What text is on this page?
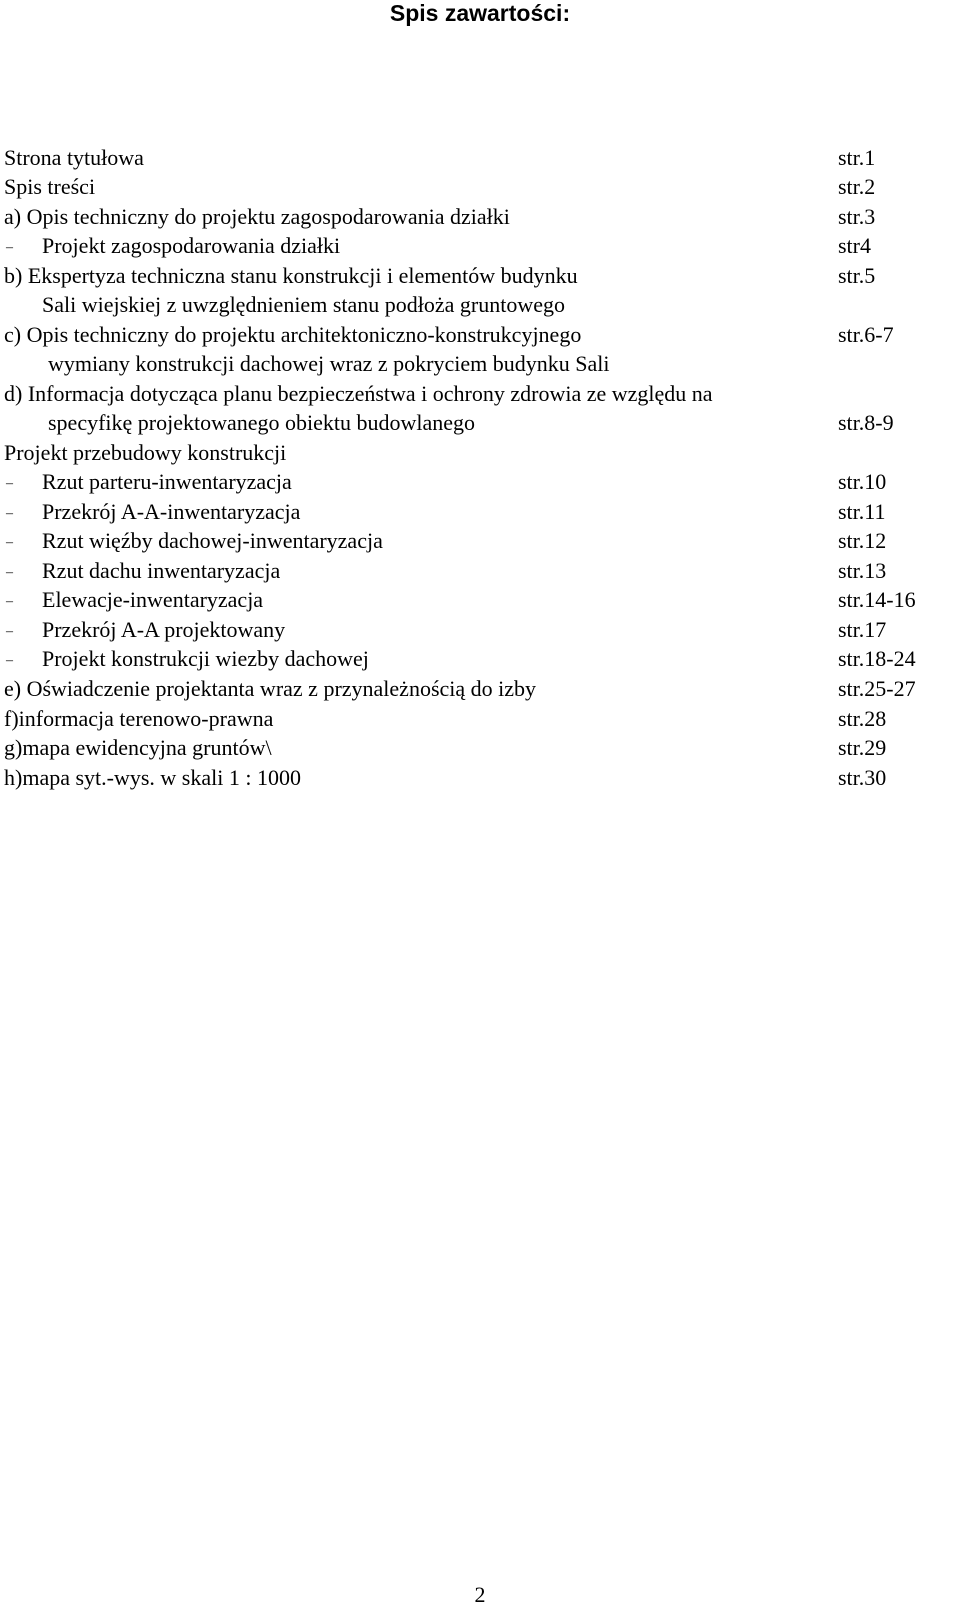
Spis zawartości:
Strona tytułowa	str.1
Spis treści	str.2
a) Opis techniczny do projektu zagospodarowania działki	str.3
–	Projekt zagospodarowania działki	str4
b) Ekspertyza techniczna stanu konstrukcji i elementów budynku	str.5
Sali wiejskiej z uwzględnieniem stanu podłoża gruntowego
c) Opis techniczny do projektu architektoniczno-konstrukcyjnego	str.6-7
wymiany konstrukcji dachowej wraz z pokryciem budynku Sali
d) Informacja dotycząca planu bezpieczeństwa i ochrony zdrowia ze względu na
specyfikę projektowanego obiektu budowlanego	str.8-9
Projekt przebudowy konstrukcji
–	Rzut parteru-inwentaryzacja	str.10
–	Przekrój A-A-inwentaryzacja	str.11
–	Rzut więźby dachowej-inwentaryzacja	str.12
–	Rzut dachu inwentaryzacja	str.13
–	Elewacje-inwentaryzacja	str.14-16
–	Przekrój A-A projektowany	str.17
–	Projekt konstrukcji wiezby dachowej	str.18-24
e) Oświadczenie projektanta wraz z przynależnością do izby	str.25-27
f)informacja terenowo-prawna	str.28
g)mapa ewidencyjna gruntów\	str.29
h)mapa syt.-wys. w skali 1 : 1000	str.30
2
